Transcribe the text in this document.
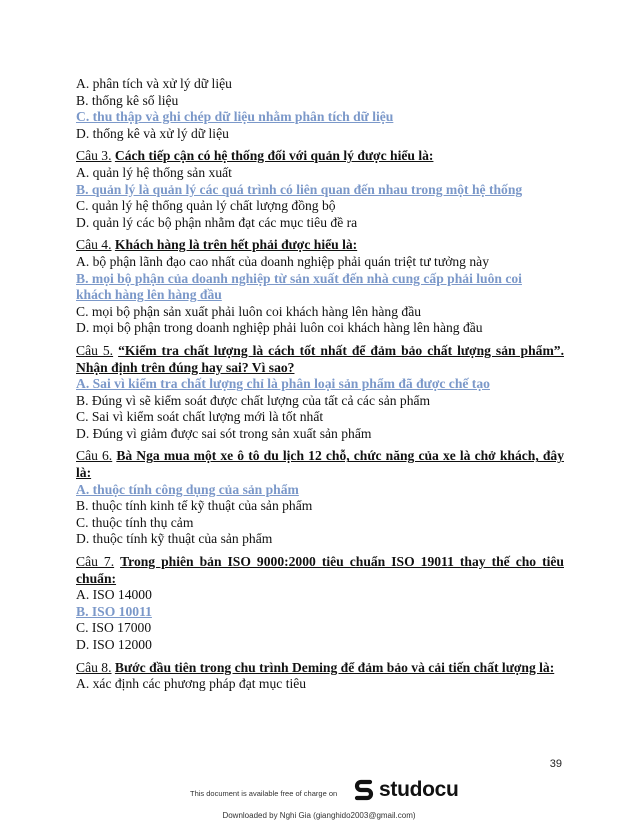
A. phân tích và xử lý dữ liệu
B. thống kê số liệu
C. thu thập và ghi chép dữ liệu nhằm phân tích dữ liệu
D. thống kê và xử lý dữ liệu
Câu 3. Cách tiếp cận có hệ thống đối với quản lý được hiểu là:
A. quản lý hệ thống sản xuất
B. quản lý là quản lý các quá trình có liên quan đến nhau trong một hệ thống
C. quản lý hệ thống quản lý chất lượng đồng bộ
D. quản lý các bộ phận nhằm đạt các mục tiêu đề ra
Câu 4. Khách hàng là trên hết phải được hiểu là:
A. bộ phận lãnh đạo cao nhất của doanh nghiệp phải quán triệt tư tưởng này
B. mọi bộ phận của doanh nghiệp từ sản xuất đến nhà cung cấp phải luôn coi
khách hàng lên hàng đầu
C. mọi bộ phận sản xuất phải luôn coi khách hàng lên hàng đầu
D. mọi bộ phận trong doanh nghiệp phải luôn coi khách hàng lên hàng đầu
Câu 5. “Kiểm tra chất lượng là cách tốt nhất để đảm bảo chất lượng sản phẩm”. Nhận định trên đúng hay sai? Vì sao?
A. Sai vì kiểm tra chất lượng chỉ là phân loại sản phẩm đã được chế tạo
B. Đúng vì sẽ kiểm soát được chất lượng của tất cả các sản phẩm
C. Sai vì kiểm soát chất lượng mới là tốt nhất
D. Đúng vì giảm được sai sót trong sản xuất sản phẩm
Câu 6. Bà Nga mua một xe ô tô du lịch 12 chỗ, chức năng của xe là chở khách, đây là:
A. thuộc tính công dụng của sản phẩm
B. thuộc tính kinh tế kỹ thuật của sản phẩm
C. thuộc tính thụ cảm
D. thuộc tính kỹ thuật của sản phẩm
Câu 7. Trong phiên bản ISO 9000:2000 tiêu chuẩn ISO 19011 thay thế cho tiêu chuẩn:
A. ISO 14000
B. ISO 10011
C. ISO 17000
D. ISO 12000
Câu 8. Bước đầu tiên trong chu trình Deming để đảm bảo và cải tiến chất lượng là:
A. xác định các phương pháp đạt mục tiêu
39
This document is available free of charge on studocu
Downloaded by Nghi Gia (gianghido2003@gmail.com)
